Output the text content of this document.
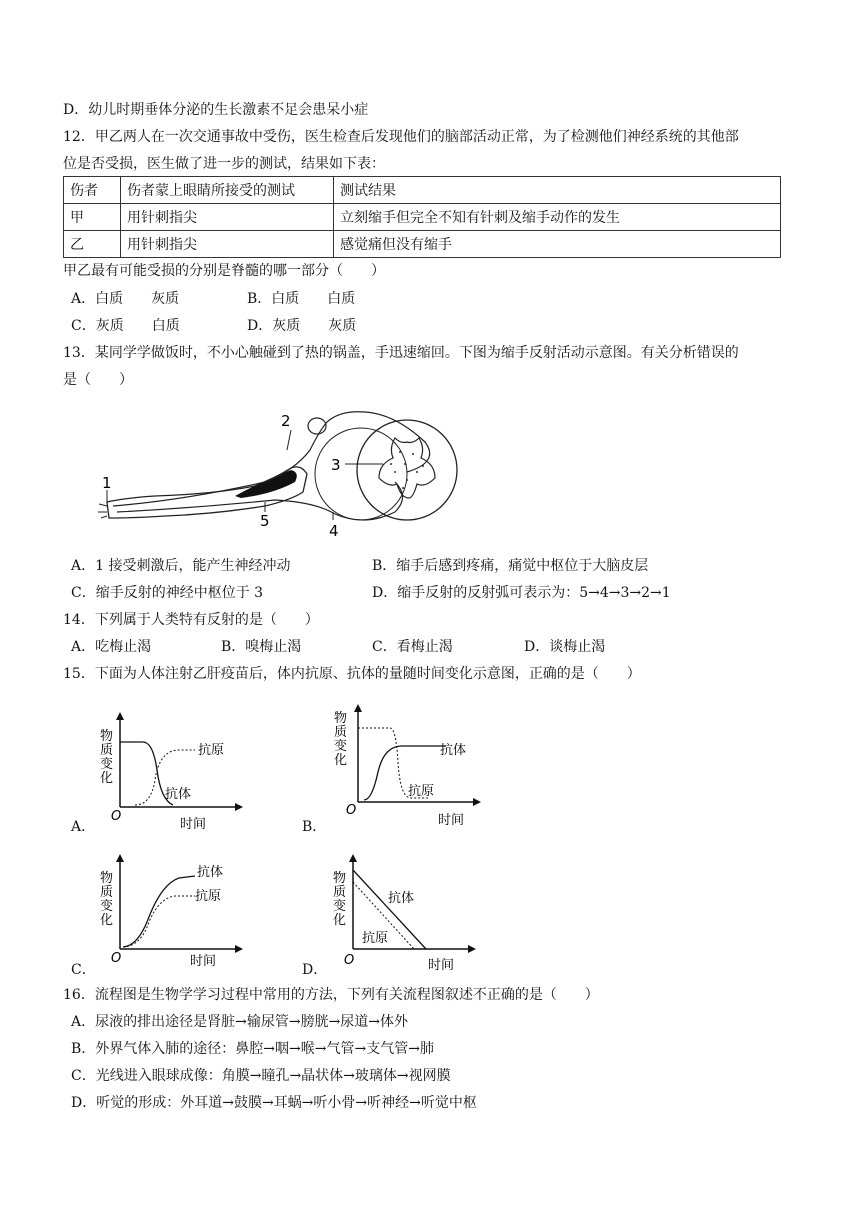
D．幼儿时期垂体分泌的生长激素不足会患呆小症
12．甲乙两人在一次交通事故中受伤，医生检查后发现他们的脑部活动正常，为了检测他们神经系统的其他部
位是否受损，医生做了进一步的测试，结果如下表：
伤者	伤者蒙上眼睛所接受的测试	测试结果
甲	用针刺指尖	立刻缩手但完全不知有针刺及缩手动作的发生
乙	用针刺指尖	感觉痛但没有缩手
甲乙最有可能受损的分别是脊髓的哪一部分（　　）
A．白质　　灰质	B．白质　　白质
C．灰质　　白质	D．灰质　　灰质
13．某同学学做饭时，不小心触碰到了热的锅盖，手迅速缩回。下图为缩手反射活动示意图。有关分析错误的
是（　　）
1
2
3
4
5
A．1 接受刺激后，能产生神经冲动	B．缩手后感到疼痛，痛觉中枢位于大脑皮层
C．缩手反射的神经中枢位于 3	D．缩手反射的反射弧可表示为：5→4→3→2→1
14．下列属于人类特有反射的是（　　）
A．吃梅止渴	B．嗅梅止渴	C．看梅止渴	D．谈梅止渴
15．下面为人体注射乙肝疫苗后，体内抗原、抗体的量随时间变化示意图，正确的是（　　）
物质变化
O
时间
抗原
抗体
A．
物质变化
O
时间
抗体
抗原
B．
物质变化
O	时间
抗体
抗原
C．
物质变化
O	时间
抗体
抗原
D．
16．流程图是生物学学习过程中常用的方法，下列有关流程图叙述不正确的是（　　）
A．尿液的排出途径是肾脏→输尿管→膀胱→尿道→体外
B．外界气体入肺的途径：鼻腔→咽→喉→气管→支气管→肺
C．光线进入眼球成像：角膜→瞳孔→晶状体→玻璃体→视网膜
D．听觉的形成：外耳道→鼓膜→耳蜗→听小骨→听神经→听觉中枢
